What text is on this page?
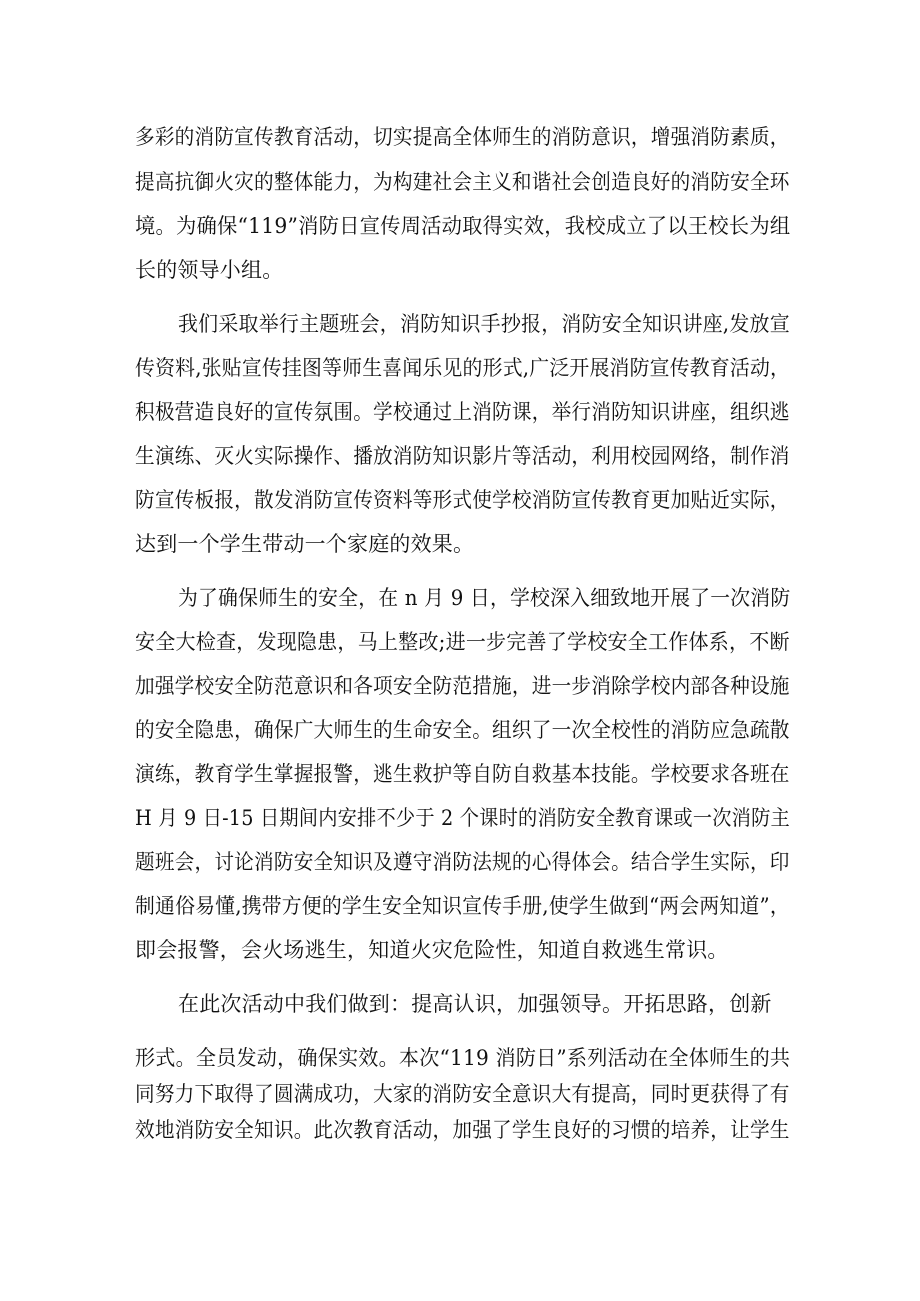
多彩的消防宣传教育活动，切实提高全体师生的消防意识，增强消防素质，
提高抗御火灾的整体能力，为构建社会主义和谐社会创造良好的消防安全环
境。为确保“119”消防日宣传周活动取得实效，我校成立了以王校长为组
长的领导小组。
我们采取举行主题班会，消防知识手抄报，消防安全知识讲座,发放宣
传资料,张贴宣传挂图等师生喜闻乐见的形式,广泛开展消防宣传教育活动，
积极营造良好的宣传氛围。学校通过上消防课，举行消防知识讲座，组织逃
生演练、灭火实际操作、播放消防知识影片等活动，利用校园网络，制作消
防宣传板报，散发消防宣传资料等形式使学校消防宣传教育更加贴近实际，
达到一个学生带动一个家庭的效果。
为了确保师生的安全，在 n 月 9 日，学校深入细致地开展了一次消防
安全大检查，发现隐患，马上整改;进一步完善了学校安全工作体系，不断
加强学校安全防范意识和各项安全防范措施，进一步消除学校内部各种设施
的安全隐患，确保广大师生的生命安全。组织了一次全校性的消防应急疏散
演练，教育学生掌握报警，逃生救护等自防自救基本技能。学校要求各班在
H 月 9 日-15 日期间内安排不少于 2 个课时的消防安全教育课或一次消防主
题班会，讨论消防安全知识及遵守消防法规的心得体会。结合学生实际，印
制通俗易懂,携带方便的学生安全知识宣传手册,使学生做到“两会两知道”，
即会报警，会火场逃生，知道火灾危险性，知道自救逃生常识。
在此次活动中我们做到：提高认识，加强领导。开拓思路，创新
形式。全员发动，确保实效。本次“119 消防日”系列活动在全体师生的共
同努力下取得了圆满成功，大家的消防安全意识大有提高，同时更获得了有
效地消防安全知识。此次教育活动，加强了学生良好的习惯的培养，让学生
